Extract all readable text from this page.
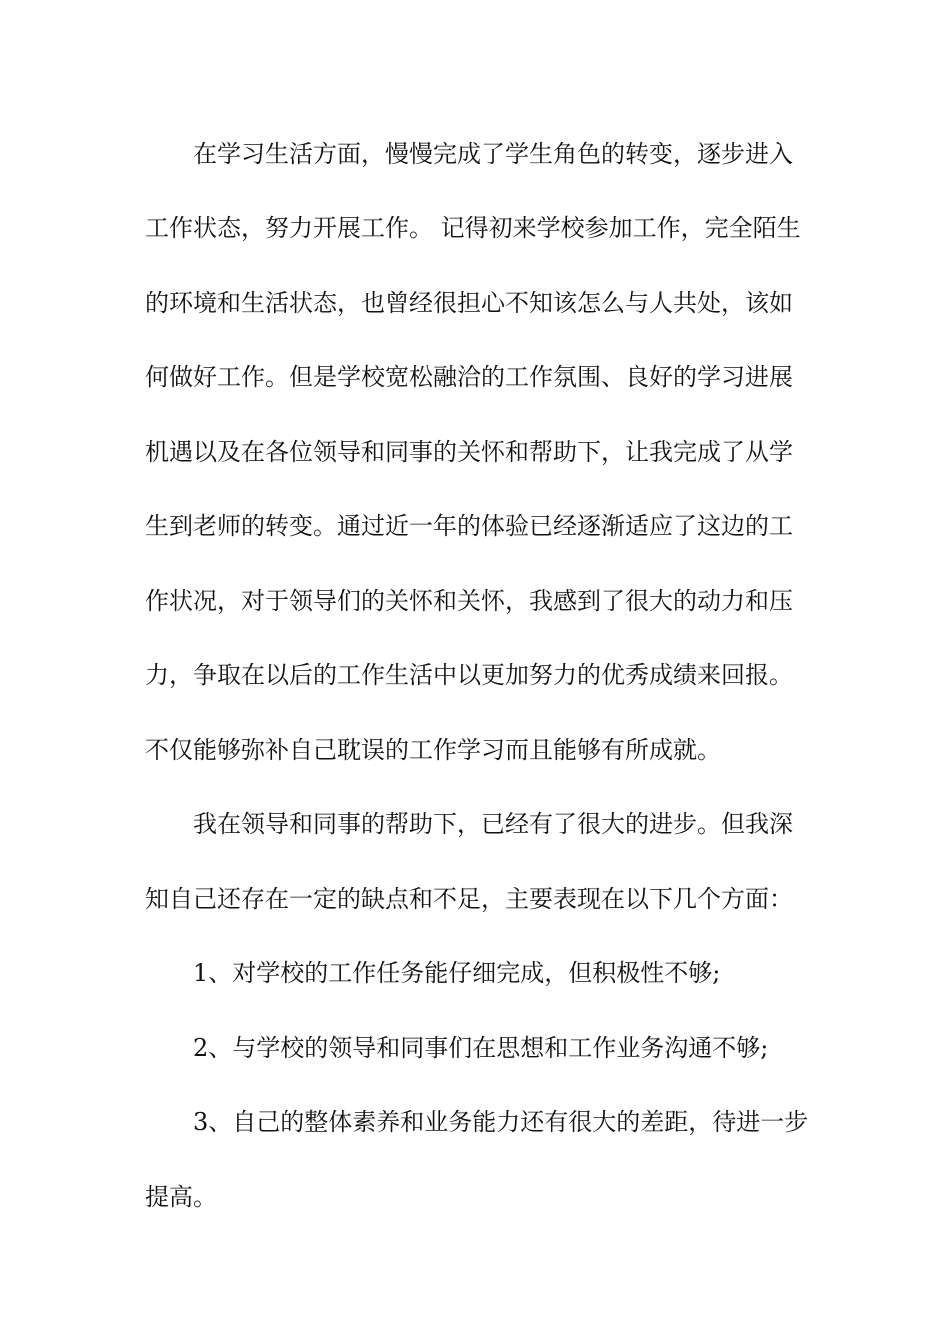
在学习生活方面，慢慢完成了学生角色的转变，逐步进入
工作状态，努力开展工作。 记得初来学校参加工作，完全陌生
的环境和生活状态，也曾经很担心不知该怎么与人共处，该如
何做好工作。但是学校宽松融洽的工作氛围、良好的学习进展
机遇以及在各位领导和同事的关怀和帮助下，让我完成了从学
生到老师的转变。通过近一年的体验已经逐渐适应了这边的工
作状况，对于领导们的关怀和关怀，我感到了很大的动力和压
力，争取在以后的工作生活中以更加努力的优秀成绩来回报。
不仅能够弥补自己耽误的工作学习而且能够有所成就。
我在领导和同事的帮助下，已经有了很大的进步。但我深
知自己还存在一定的缺点和不足，主要表现在以下几个方面：
1、对学校的工作任务能仔细完成，但积极性不够;
2、与学校的领导和同事们在思想和工作业务沟通不够;
3、自己的整体素养和业务能力还有很大的差距，待进一步
提高。
